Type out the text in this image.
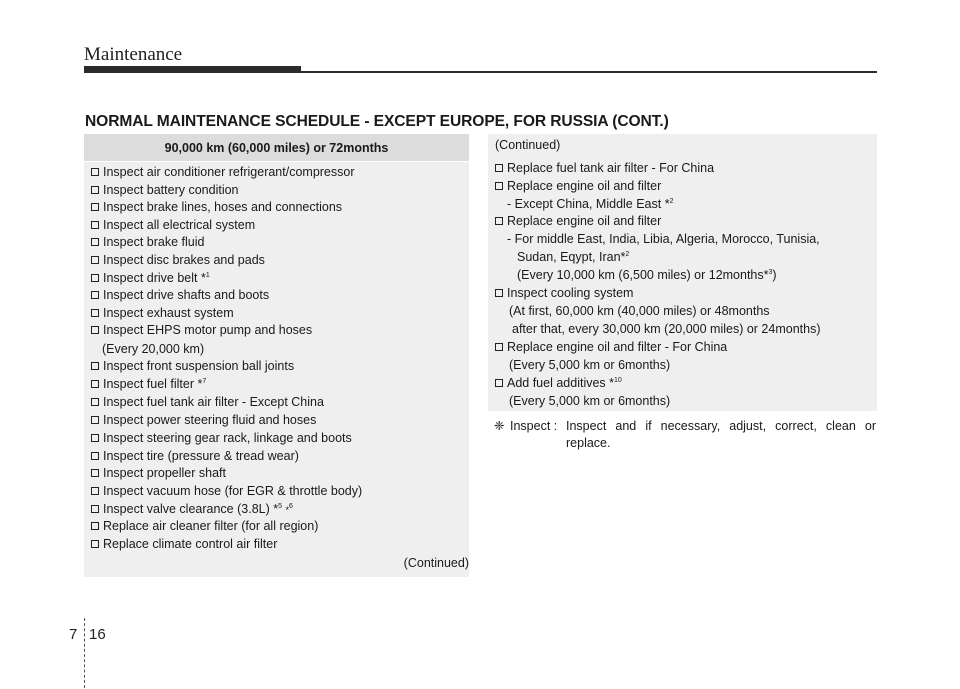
Maintenance
NORMAL MAINTENANCE SCHEDULE - EXCEPT EUROPE, FOR RUSSIA (CONT.)
90,000 km (60,000 miles) or 72months
Inspect air conditioner refrigerant/compressor
Inspect battery condition
Inspect brake lines, hoses and connections
Inspect all electrical system
Inspect brake fluid
Inspect disc brakes and pads
Inspect drive belt *$^1$
Inspect drive shafts and boots
Inspect exhaust system
Inspect EHPS motor pump and hoses
(Every 20,000 km)
Inspect front suspension ball joints
Inspect fuel filter *$^7$
Inspect fuel tank air filter - Except China
Inspect power steering fluid and hoses
Inspect steering gear rack, linkage and boots
Inspect tire (pressure & tread wear)
Inspect propeller shaft
Inspect vacuum hose (for EGR & throttle body)
Inspect valve clearance (3.8L) *$^5$ *$^6$
Replace air cleaner filter (for all region)
Replace climate control air filter
(Continued)
(Continued)
Replace fuel tank air filter - For China
Replace engine oil and filter
- Except China, Middle East *$^2$
Replace engine oil and filter
- For middle East, India, Libia, Algeria, Morocco, Tunisia,
Sudan, Eqypt, Iran*$^2$
(Every 10,000 km (6,500 miles) or 12months*$^3$)
Inspect cooling system
(At first, 60,000 km (40,000 miles) or 48months
after that, every 30,000 km (20,000 miles) or 24months)
Replace engine oil and filter - For China
(Every 5,000 km or 6months)
Add fuel additives *$^{10}$
(Every 5,000 km or 6months)
❈ Inspect : Inspect and if necessary, adjust, correct, clean or replace.
7 16
